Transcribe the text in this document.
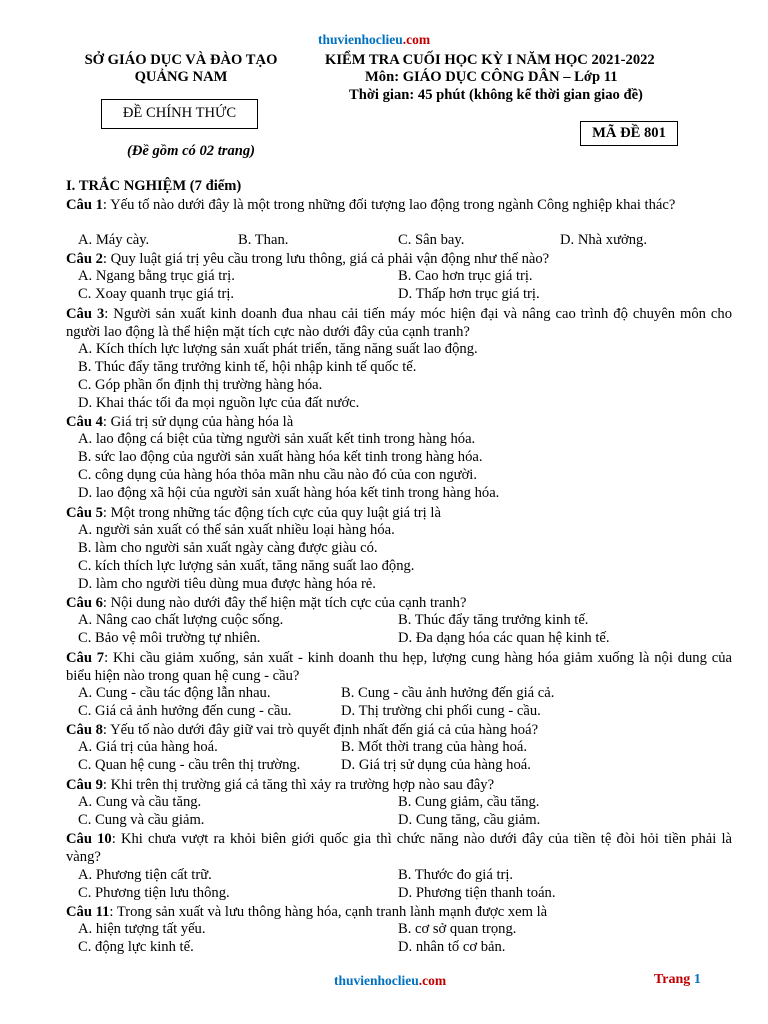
thuvienhoclieu.com
SỞ GIÁO DỤC VÀ ĐÀO TẠO
QUẢNG NAM
ĐỀ CHÍNH THỨC
(Đề gồm có 02 trang)
KIỂM TRA CUỐI HỌC KỲ I NĂM HỌC 2021-2022
Môn: GIÁO DỤC CÔNG DÂN – Lớp 11
Thời gian: 45 phút (không kể thời gian giao đề)
MÃ ĐỀ 801
I. TRẮC NGHIỆM (7 điểm)
Câu 1: Yếu tố nào dưới đây là một trong những đối tượng lao động trong ngành Công nghiệp khai thác?
A. Máy cày.	B. Than.	C. Sân bay.	D. Nhà xưởng.
Câu 2: Quy luật giá trị yêu cầu trong lưu thông, giá cả phải vận động như thế nào?
A. Ngang bằng trục giá trị.	B. Cao hơn trục giá trị.
C. Xoay quanh trục giá trị.	D. Thấp hơn trục giá trị.
Câu 3: Người sản xuất kinh doanh đua nhau cải tiến máy móc hiện đại và nâng cao trình độ chuyên môn cho người lao động là thể hiện mặt tích cực nào dưới đây của cạnh tranh?
A. Kích thích lực lượng sản xuất phát triển, tăng năng suất lao động.
B. Thúc đẩy tăng trưởng kinh tế, hội nhập kinh tế quốc tế.
C. Góp phần ổn định thị trường hàng hóa.
D. Khai thác tối đa mọi nguồn lực của đất nước.
Câu 4: Giá trị sử dụng của hàng hóa là
A. lao động cá biệt của từng người sản xuất kết tinh trong hàng hóa.
B. sức lao động của người sản xuất hàng hóa kết tinh trong hàng hóa.
C. công dụng của hàng hóa thỏa mãn nhu cầu nào đó của con người.
D. lao động xã hội của người sản xuất hàng hóa kết tinh trong hàng hóa.
Câu 5: Một trong những tác động tích cực của quy luật giá trị là
A. người sản xuất có thể sản xuất nhiều loại hàng hóa.
B. làm cho người sản xuất ngày càng được giàu có.
C. kích thích lực lượng sản xuất, tăng năng suất lao động.
D. làm cho người tiêu dùng mua được hàng hóa rẻ.
Câu 6: Nội dung nào dưới đây thể hiện mặt tích cực của cạnh tranh?
A. Nâng cao chất lượng cuộc sống.	B. Thúc đẩy tăng trưởng kinh tế.
C. Bảo vệ môi trường tự nhiên.	D. Đa dạng hóa các quan hệ kinh tế.
Câu 7: Khi cầu giảm xuống, sản xuất - kinh doanh thu hẹp, lượng cung hàng hóa giảm xuống là nội dung của biểu hiện nào trong quan hệ cung - cầu?
A. Cung - cầu tác động lẫn nhau.	B. Cung - cầu ảnh hưởng đến giá cả.
C. Giá cả ảnh hưởng đến cung - cầu.	D. Thị trường chi phối cung - cầu.
Câu 8: Yếu tố nào dưới đây giữ vai trò quyết định nhất đến giá cả của hàng hoá?
A. Giá trị của hàng hoá.	B. Mốt thời trang của hàng hoá.
C. Quan hệ cung - cầu trên thị trường.	D. Giá trị sử dụng của hàng hoá.
Câu 9: Khi trên thị trường giá cả tăng thì xảy ra trường hợp nào sau đây?
A. Cung và cầu tăng.	B. Cung giảm, cầu tăng.
C. Cung và cầu giảm.	D. Cung tăng, cầu giảm.
Câu 10: Khi chưa vượt ra khỏi biên giới quốc gia thì chức năng nào dưới đây của tiền tệ đòi hỏi tiền phải là vàng?
A. Phương tiện cất trữ.	B. Thước đo giá trị.
C. Phương tiện lưu thông.	D. Phương tiện thanh toán.
Câu 11: Trong sản xuất và lưu thông hàng hóa, cạnh tranh lành mạnh được xem là
A. hiện tượng tất yếu.	B. cơ sở quan trọng.
C. động lực kinh tế.	D. nhân tố cơ bản.
thuvienhoclieu.com	Trang 1
